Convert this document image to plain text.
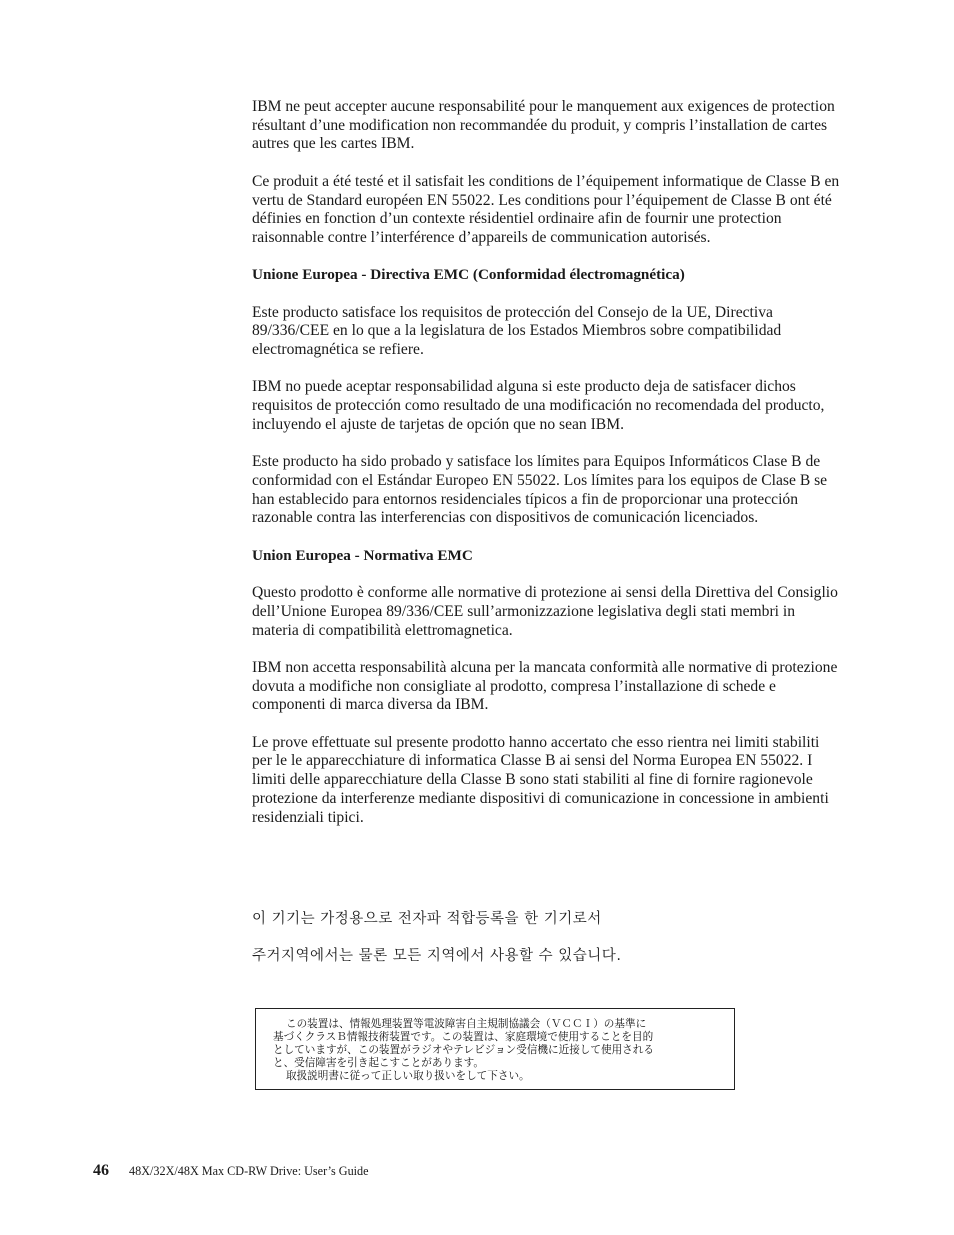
IBM ne peut accepter aucune responsabilité pour le manquement aux exigences de protection résultant d’une modification non recommandée du produit, y compris l’installation de cartes autres que les cartes IBM.

Ce produit a été testé et il satisfait les conditions de l’équipement informatique de Classe B en vertu de Standard européen EN 55022. Les conditions pour l’équipement de Classe B ont été définies en fonction d’un contexte résidentiel ordinaire afin de fournir une protection raisonnable contre l’interférence d’appareils de communication autorisés.

Unione Europea - Directiva EMC (Conformidad électromagnética)

Este producto satisface los requisitos de protección del Consejo de la UE, Directiva 89/336/CEE en lo que a la legislatura de los Estados Miembros sobre compatibilidad electromagnética se refiere.

IBM no puede aceptar responsabilidad alguna si este producto deja de satisfacer dichos requisitos de protección como resultado de una modificación no recomendada del producto, incluyendo el ajuste de tarjetas de opción que no sean IBM.

Este producto ha sido probado y satisface los límites para Equipos Informáticos Clase B de conformidad con el Estándar Europeo EN 55022. Los límites para los equipos de Clase B se han establecido para entornos residenciales típicos a fin de proporcionar una protección razonable contra las interferencias con dispositivos de comunicación licenciados.

Union Europea - Normativa EMC

Questo prodotto è conforme alle normative di protezione ai sensi della Direttiva del Consiglio dell’Unione Europea 89/336/CEE sull’armonizzazione legislativa degli stati membri in materia di compatibilità elettromagnetica.

IBM non accetta responsabilità alcuna per la mancata conformità alle normative di protezione dovuta a modifiche non consigliate al prodotto, compresa l’installazione di schede e componenti di marca diversa da IBM.

Le prove effettuate sul presente prodotto hanno accertato che esso rientra nei limiti stabiliti per le le apparecchiature di informatica Classe B ai sensi del Norma Europea EN 55022. I limiti delle apparecchiature della Classe B sono stati stabiliti al fine di fornire ragionevole protezione da interferenze mediante dispositivi di comunicazione in concessione in ambienti residenziali tipici.

이 기기는 가정용으로 전자파 적합등록을 한 기기로서
주거지역에서는 물론 모든 지역에서 사용할 수 있습니다.
この装置は、情報処理装置等電波障害自主規制協議会（ＶＣＣＩ）の基準に
基づくクラスＢ情報技術装置です。この装置は、家庭環境で使用することを目的
としていますが、この装置がラジオやテレビジョン受信機に近接して使用される
と、受信障害を引き起こすことがあります。
取扱説明書に従って正しい取り扱いをして下さい。
46 48X/32X/48X Max CD-RW Drive: User’s Guide
